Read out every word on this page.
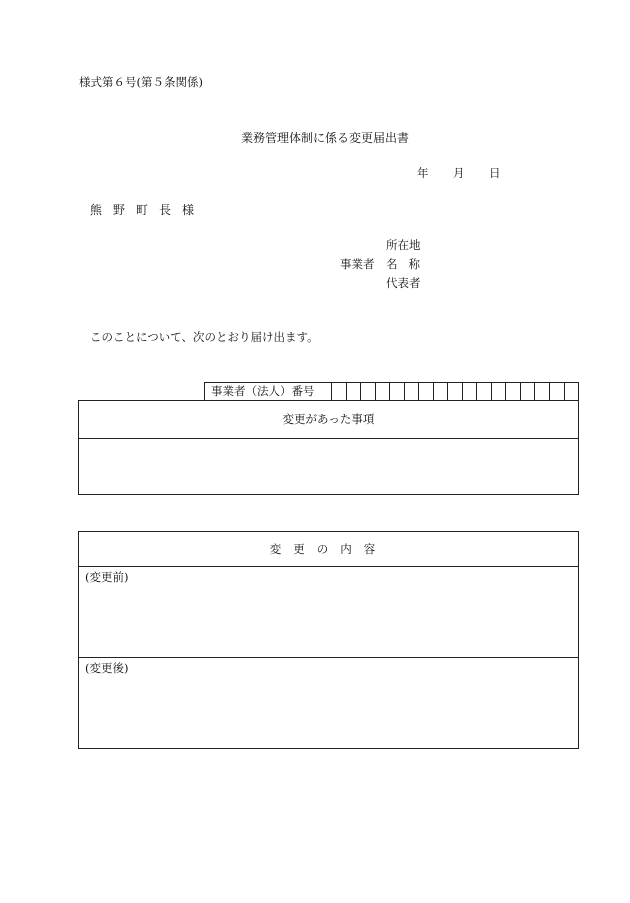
様式第６号(第５条関係)
業務管理体制に係る変更届出書
年 月 日
熊野町長様
所在地
事業者 名称
代表者
このことについて、次のとおり届け出ます。
事業者（法人）番号
変更があった事項
変更の内容
(変更前)
(変更後)
